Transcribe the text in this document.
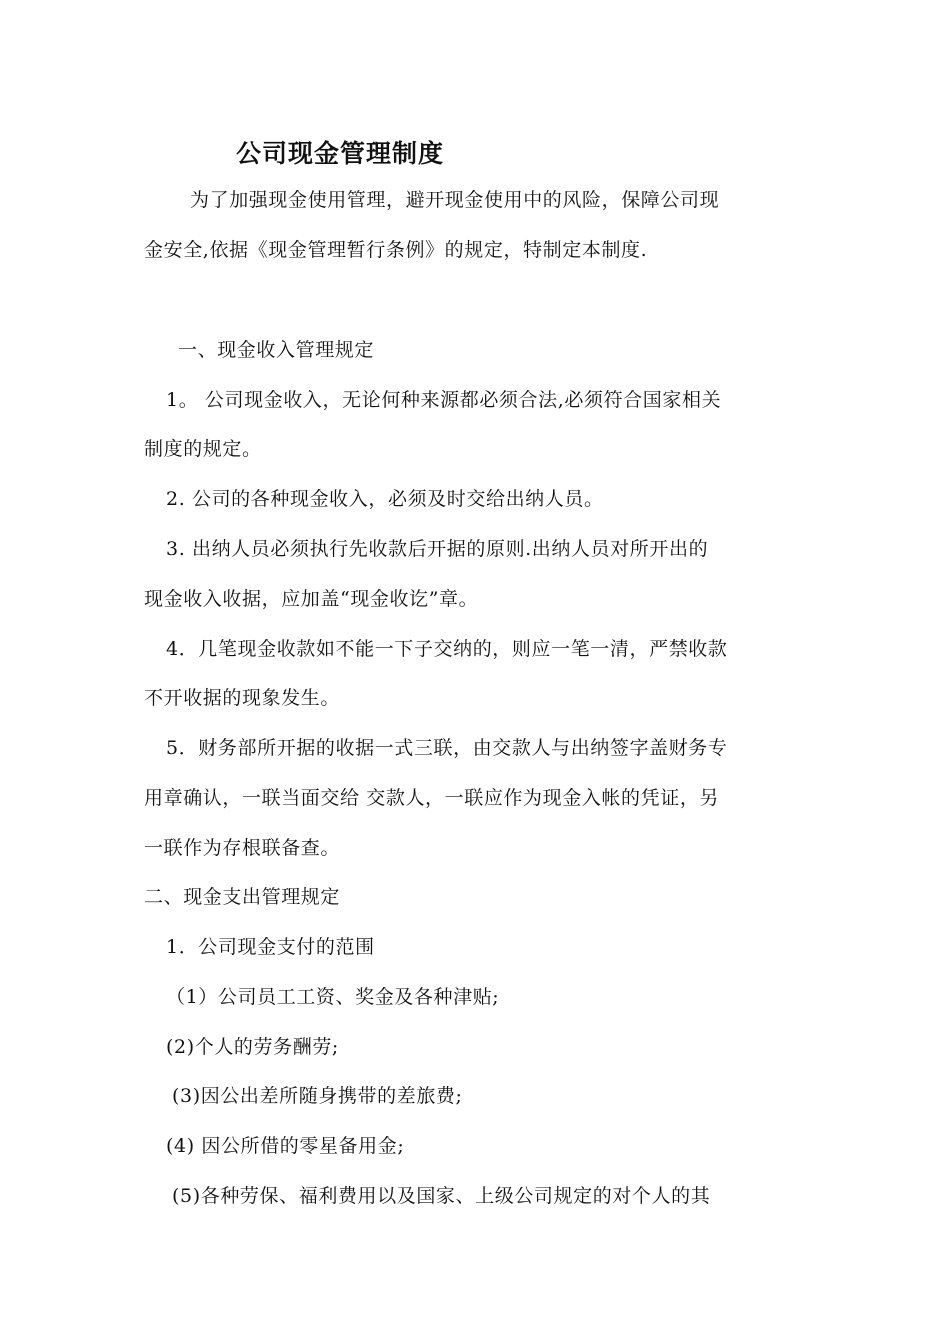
公司现金管理制度
为了加强现金使用管理，避开现金使用中的风险，保障公司现
金安全,依据《现金管理暂行条例》的规定，特制定本制度.
一、现金收入管理规定
1。 公司现金收入，无论何种来源都必须合法,必须符合国家相关
制度的规定。
2. 公司的各种现金收入，必须及时交给出纳人员。
3. 出纳人员必须执行先收款后开据的原则.出纳人员对所开出的
现金收入收据，应加盖“现金收讫”章。
4．几笔现金收款如不能一下子交纳的，则应一笔一清，严禁收款
不开收据的现象发生。
5．财务部所开据的收据一式三联，由交款人与出纳签字盖财务专
用章确认，一联当面交给 交款人，一联应作为现金入帐的凭证，另
一联作为存根联备查。
二、现金支出管理规定
1．公司现金支付的范围
（1）公司员工工资、奖金及各种津贴;
(2)个人的劳务酬劳;
(3)因公出差所随身携带的差旅费;
(4) 因公所借的零星备用金;
(5)各种劳保、福利费用以及国家、上级公司规定的对个人的其
